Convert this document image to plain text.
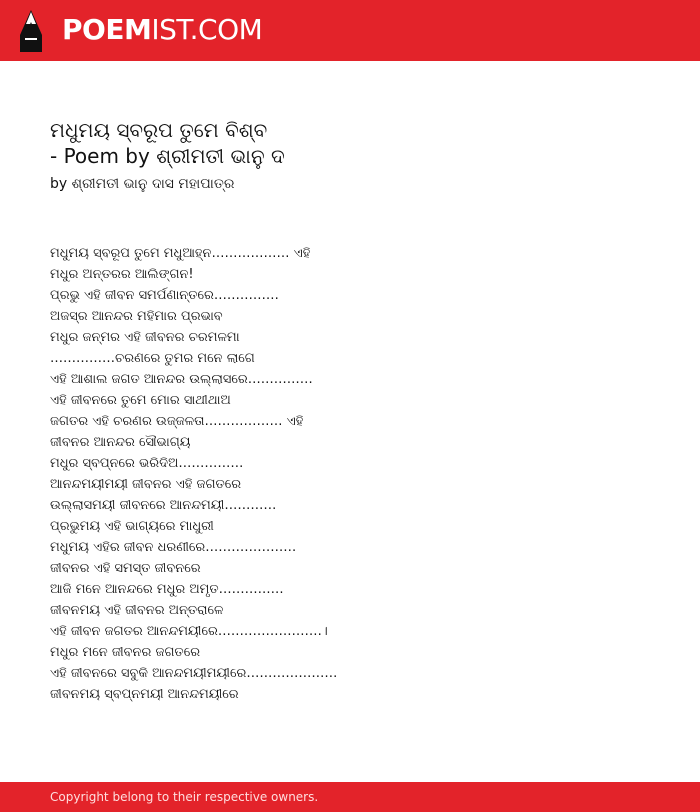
POEMIST.COM
ମଧୁମୟ ସ୍ବରୂପ ତୁମେ ବିଶ୍ବ
- Poem by ଶ୍ରୀମତୀ ଭାନୁ ଦ
by ଶ୍ରୀମତୀ ଭାନୁ ଦାସ ମହାପାତ୍ର
ମଧୁମୟ ସ୍ବରୂପ ତୁମେ ମଧୁଆହ୍ନ……………… ଏହି
ମଧୁର ଅନ୍ତରର ଆଲିଙ୍ଗନ!
ପ୍ରଭୁ ଏହି ଜୀବନ ସମର୍ପଣାନ୍ତରେ……………
ଅଜସ୍ର ଆନନ୍ଦର ମହିମାର ପ୍ରଭାବ
ମଧୁର ଜନ୍ମର ଏହି ଜୀବନର ଚରମଳମା
……………ଚରଣରେ ତୁମର ମନେ ଲାଗେ
ଏହି ଆଶାଲ ଜଗତ ଆନନ୍ଦର ଉଲ୍ଲାସରେ……………
ଏହି ଜୀବନରେ ତୁମେ ମୋର ସାଥୀଥାଅ
ଜଗତର ଏହି ଚରଣର ଉଜ୍ଜଳତା……………… ଏହି
ଜୀବନର ଆନନ୍ଦର ସୌଭାଗ୍ୟ
ମଧୁର ସ୍ବପ୍ନରେ ଭରିଦିଅ……………
ଆନନ୍ଦମୟୀମୟୀ ଜୀବନର ଏହି ଜଗତରେ
ଉଲ୍ଲାସମୟୀ ଜୀବନରେ ଆନନ୍ଦମୟୀ…………
ପ୍ରଭୁମୟ ଏହି ଭାଗ୍ୟରେ ମାଧୁରୀ
ମଧୁମୟ ଏହିର ଜୀବନ ଧରଣୀରେ…………………
ଜୀବନର ଏହି ସମସ୍ତ ଜୀବନରେ
ଆଜି ମନେ ଆନନ୍ଦରେ ମଧୁର ଅମୃତ……………
ଜୀବନମୟ ଏହି ଜୀବନର ଅନ୍ତରାଳେ
ଏହି ଜୀବନ ଜଗତର ଆନନ୍ଦମୟୀରେ……………………।
ମଧୁର ମନେ ଜୀବନର ଜଗତରେ
ଏହି ଜୀବନରେ ସବୁକି ଆନନ୍ଦମୟୀମୟୀରେ…………………
ଜୀବନମୟ ସ୍ବପ୍ନମୟୀ ଆନନ୍ଦମୟୀରେ
Copyright belong to their respective owners.
